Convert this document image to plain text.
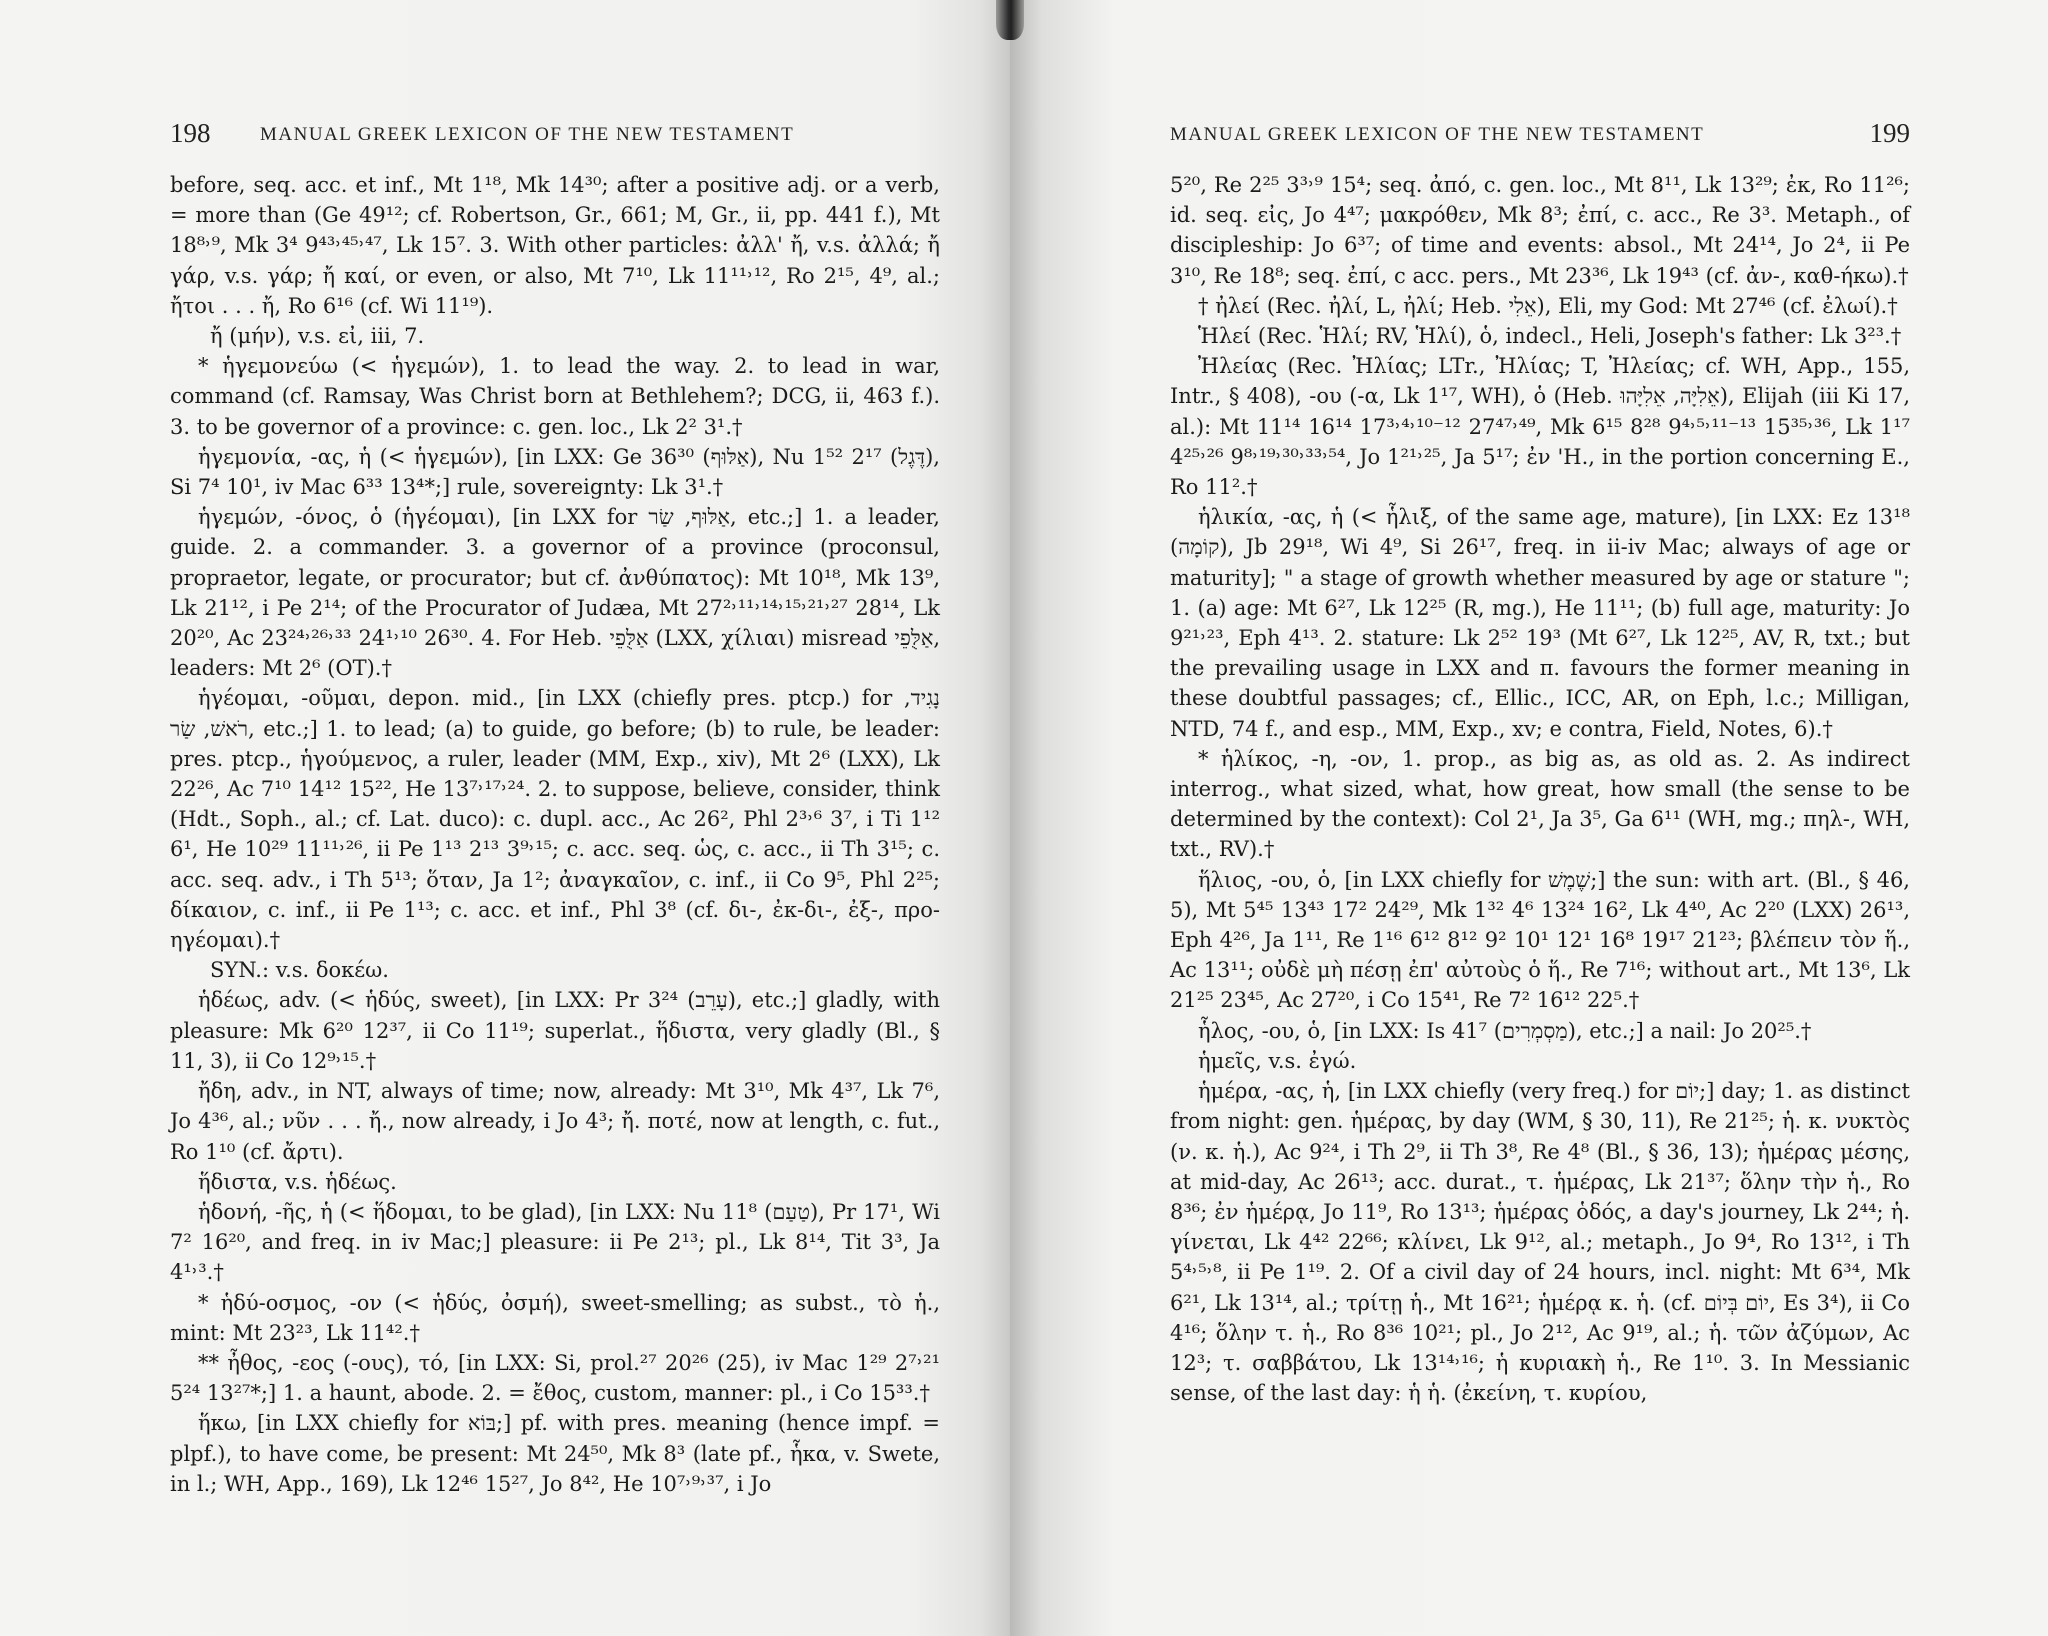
198	MANUAL GREEK LEXICON OF THE NEW TESTAMENT

before, seq. acc. et inf., Mt 1¹⁸, Mk 14³⁰; after a positive adj. or a verb, = more than (Ge 49¹²; cf. Robertson, Gr., 661; M, Gr., ii, pp. 441 f.), Mt 18⁸˒⁹, Mk 3⁴ 9⁴³˒⁴⁵˒⁴⁷, Lk 15⁷. 3. With other particles: ἀλλ' ἤ, v.s. ἀλλά; ἤ γάρ, v.s. γάρ; ἤ καί, or even, or also, Mt 7¹⁰, Lk 11¹¹˒¹², Ro 2¹⁵, 4⁹, al.; ἤτοι . . . ἤ, Ro 6¹⁶ (cf. Wi 11¹⁹).

ἤ (μήν), v.s. εἰ, iii, 7.

* ἡγεμονεύω (< ἡγεμών), 1. to lead the way. 2. to lead in war, command (cf. Ramsay, Was Christ born at Bethlehem?; DCG, ii, 463 f.). 3. to be governor of a province: c. gen. loc., Lk 2² 3¹.†

ἡγεμονία, -ας, ἡ (< ἡγεμών), [in LXX: Ge 36³⁰ (אַלּוּף), Nu 1⁵² 2¹⁷ (דֶּגֶל), Si 7⁴ 10¹, iv Mac 6³³ 13⁴*;] rule, sovereignty: Lk 3¹.†

ἡγεμών, -όνος, ὁ (ἡγέομαι), [in LXX for אַלּוּף, שַׂר, etc.;] 1. a leader, guide. 2. a commander. 3. a governor of a province (proconsul, propraetor, legate, or procurator; but cf. ἀνθύπατος): Mt 10¹⁸, Mk 13⁹, Lk 21¹², i Pe 2¹⁴; of the Procurator of Judæa, Mt 27²˒¹¹˒¹⁴˒¹⁵˒²¹˒²⁷ 28¹⁴, Lk 20²⁰, Ac 23²⁴˒²⁶˒³³ 24¹˒¹⁰ 26³⁰. 4. For Heb. אַלֻּפֵי (LXX, χίλιαι) misread אַלֻּפֵי, leaders: Mt 2⁶ (OT).†

ἡγέομαι, -οῦμαι, depon. mid., [in LXX (chiefly pres. ptcp.) for נָגִיד, רֹאשׁ, שַׂר, etc.;] 1. to lead; (a) to guide, go before; (b) to rule, be leader: pres. ptcp., ἡγούμενος, a ruler, leader (MM, Exp., xiv), Mt 2⁶ (LXX), Lk 22²⁶, Ac 7¹⁰ 14¹² 15²², He 13⁷˒¹⁷˒²⁴. 2. to suppose, believe, consider, think (Hdt., Soph., al.; cf. Lat. duco): c. dupl. acc., Ac 26², Phl 2³˒⁶ 3⁷, i Ti 1¹² 6¹, He 10²⁹ 11¹¹˒²⁶, ii Pe 1¹³ 2¹³ 3⁹˒¹⁵; c. acc. seq. ὡς, c. acc., ii Th 3¹⁵; c. acc. seq. adv., i Th 5¹³; ὅταν, Ja 1²; ἀναγκαῖον, c. inf., ii Co 9⁵, Phl 2²⁵; δίκαιον, c. inf., ii Pe 1¹³; c. acc. et inf., Phl 3⁸ (cf. δι-, ἐκ-δι-, ἐξ-, προ-ηγέομαι).†

SYN.: v.s. δοκέω.

ἡδέως, adv. (< ἡδύς, sweet), [in LXX: Pr 3²⁴ (עָרֵב), etc.;] gladly, with pleasure: Mk 6²⁰ 12³⁷, ii Co 11¹⁹; superlat., ἥδιστα, very gladly (Bl., § 11, 3), ii Co 12⁹˒¹⁵.†

ἤδη, adv., in NT, always of time; now, already: Mt 3¹⁰, Mk 4³⁷, Lk 7⁶, Jo 4³⁶, al.; νῦν . . . ἤ., now already, i Jo 4³; ἤ. ποτέ, now at length, c. fut., Ro 1¹⁰ (cf. ἄρτι).

ἥδιστα, v.s. ἡδέως.

ἡδονή, -ῆς, ἡ (< ἥδομαι, to be glad), [in LXX: Nu 11⁸ (טַעַם), Pr 17¹, Wi 7² 16²⁰, and freq. in iv Mac;] pleasure: ii Pe 2¹³; pl., Lk 8¹⁴, Tit 3³, Ja 4¹˒³.†

* ἡδύ-οσμος, -ον (< ἡδύς, ὀσμή), sweet-smelling; as subst., τὸ ἡ., mint: Mt 23²³, Lk 11⁴².†

** ἦθος, -εος (-ους), τό, [in LXX: Si, prol.²⁷ 20²⁶ (25), iv Mac 1²⁹ 2⁷˒²¹ 5²⁴ 13²⁷*;] 1. a haunt, abode. 2. = ἔθος, custom, manner: pl., i Co 15³³.†

ἥκω, [in LXX chiefly for בּוֹא;] pf. with pres. meaning (hence impf. = plpf.), to have come, be present: Mt 24⁵⁰, Mk 8³ (late pf., ἧκα, v. Swete, in l.; WH, App., 169), Lk 12⁴⁶ 15²⁷, Jo 8⁴², He 10⁷˒⁹˒³⁷, i Jo

MANUAL GREEK LEXICON OF THE NEW TESTAMENT	199

5²⁰, Re 2²⁵ 3³˒⁹ 15⁴; seq. ἀπό, c. gen. loc., Mt 8¹¹, Lk 13²⁹; ἐκ, Ro 11²⁶; id. seq. εἰς, Jo 4⁴⁷; μακρόθεν, Mk 8³; ἐπί, c. acc., Re 3³. Metaph., of discipleship: Jo 6³⁷; of time and events: absol., Mt 24¹⁴, Jo 2⁴, ii Pe 3¹⁰, Re 18⁸; seq. ἐπί, c acc. pers., Mt 23³⁶, Lk 19⁴³ (cf. ἀν-, καθ-ήκω).†

† ἠλεί (Rec. ἠλί, L, ἠλί; Heb. אֵלִי), Eli, my God: Mt 27⁴⁶ (cf. ἐλωί).†

Ἡλεί (Rec. Ἡλί; RV, Ἡλί), ὁ, indecl., Heli, Joseph's father: Lk 3²³.†

Ἠλείας (Rec. Ἠλίας; LTr., Ἠλίας; T, Ἠλείας; cf. WH, App., 155, Intr., § 408), -ου (-α, Lk 1¹⁷, WH), ὁ (Heb. אֵלִיָּה, אֵלִיָּהוּ), Elijah (iii Ki 17, al.): Mt 11¹⁴ 16¹⁴ 17³˒⁴˒¹⁰⁻¹² 27⁴⁷˒⁴⁹, Mk 6¹⁵ 8²⁸ 9⁴˒⁵˒¹¹⁻¹³ 15³⁵˒³⁶, Lk 1¹⁷ 4²⁵˒²⁶ 9⁸˒¹⁹˒³⁰˒³³˒⁵⁴, Jo 1²¹˒²⁵, Ja 5¹⁷; ἐν 'Η., in the portion concerning E., Ro 11².†

ἡλικία, -ας, ἡ (< ἧλιξ, of the same age, mature), [in LXX: Ez 13¹⁸ (קוֹמָה), Jb 29¹⁸, Wi 4⁹, Si 26¹⁷, freq. in ii-iv Mac; always of age or maturity]; " a stage of growth whether measured by age or stature "; 1. (a) age: Mt 6²⁷, Lk 12²⁵ (R, mg.), He 11¹¹; (b) full age, maturity: Jo 9²¹˒²³, Eph 4¹³. 2. stature: Lk 2⁵² 19³ (Mt 6²⁷, Lk 12²⁵, AV, R, txt.; but the prevailing usage in LXX and π. favours the former meaning in these doubtful passages; cf., Ellic., ICC, AR, on Eph, l.c.; Milligan, NTD, 74 f., and esp., MM, Exp., xv; e contra, Field, Notes, 6).†

* ἡλίκος, -η, -ον, 1. prop., as big as, as old as. 2. As indirect interrog., what sized, what, how great, how small (the sense to be determined by the context): Col 2¹, Ja 3⁵, Ga 6¹¹ (WH, mg.; πηλ-, WH, txt., RV).†

ἥλιος, -ου, ὁ, [in LXX chiefly for שֶׁמֶשׁ;] the sun: with art. (Bl., § 46, 5), Mt 5⁴⁵ 13⁴³ 17² 24²⁹, Mk 1³² 4⁶ 13²⁴ 16², Lk 4⁴⁰, Ac 2²⁰ (LXX) 26¹³, Eph 4²⁶, Ja 1¹¹, Re 1¹⁶ 6¹² 8¹² 9² 10¹ 12¹ 16⁸ 19¹⁷ 21²³; βλέπειν τὸν ἥ., Ac 13¹¹; οὐδὲ μὴ πέσῃ ἐπ' αὐτοὺς ὁ ἥ., Re 7¹⁶; without art., Mt 13⁶, Lk 21²⁵ 23⁴⁵, Ac 27²⁰, i Co 15⁴¹, Re 7² 16¹² 22⁵.†

ἧλος, -ου, ὁ, [in LXX: Is 41⁷ (מַסְמְרִים), etc.;] a nail: Jo 20²⁵.†

ἡμεῖς, v.s. ἐγώ.

ἡμέρα, -ας, ἡ, [in LXX chiefly (very freq.) for יוֹם;] day; 1. as distinct from night: gen. ἡμέρας, by day (WM, § 30, 11), Re 21²⁵; ἡ. κ. νυκτὸς (ν. κ. ἡ.), Ac 9²⁴, i Th 2⁹, ii Th 3⁸, Re 4⁸ (Bl., § 36, 13); ἡμέρας μέσης, at mid-day, Ac 26¹³; acc. durat., τ. ἡμέρας, Lk 21³⁷; ὅλην τὴν ἡ., Ro 8³⁶; ἐν ἡμέρᾳ, Jo 11⁹, Ro 13¹³; ἡμέρας ὁδός, a day's journey, Lk 2⁴⁴; ἡ. γίνεται, Lk 4⁴² 22⁶⁶; κλίνει, Lk 9¹², al.; metaph., Jo 9⁴, Ro 13¹², i Th 5⁴˒⁵˒⁸, ii Pe 1¹⁹. 2. Of a civil day of 24 hours, incl. night: Mt 6³⁴, Mk 6²¹, Lk 13¹⁴, al.; τρίτῃ ἡ., Mt 16²¹; ἡμέρᾳ κ. ἡ. (cf. יוֹם בְּיוֹם, Es 3⁴), ii Co 4¹⁶; ὅλην τ. ἡ., Ro 8³⁶ 10²¹; pl., Jo 2¹², Ac 9¹⁹, al.; ἡ. τῶν ἀζύμων, Ac 12³; τ. σαββάτου, Lk 13¹⁴˒¹⁶; ἡ κυριακὴ ἡ., Re 1¹⁰. 3. In Messianic sense, of the last day: ἡ ἡ. (ἐκείνη, τ. κυρίου,
